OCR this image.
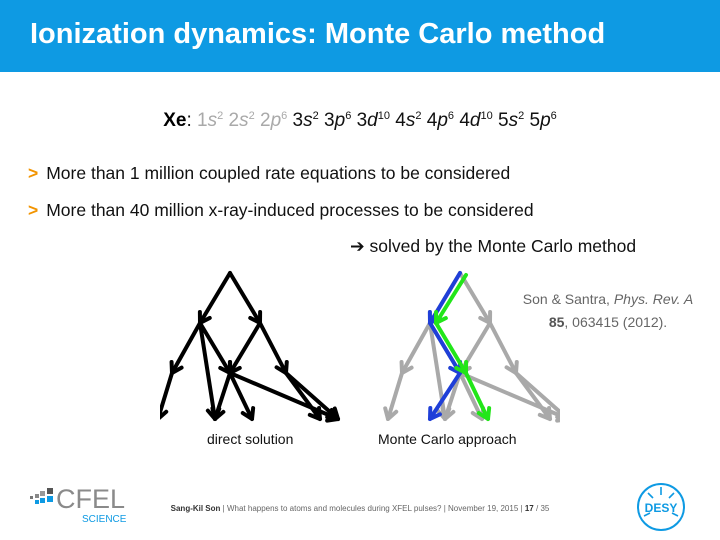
Ionization dynamics: Monte Carlo method
Xe: $1s^2$ $2s^2$ $2p^6$ $3s^2$ $3p^6$ $3d^{10}$ $4s^2$ $4p^6$ $4d^{10}$ $5s^2$ $5p^6$
> More than 1 million coupled rate equations to be considered
> More than 40 million x-ray-induced processes to be considered
➔ solved by the Monte Carlo method
Son & Santra, Phys. Rev. A
85, 063415 (2012).
direct solution	Monte Carlo approach
CFEL
SCIENCE
Sang-Kil Son | What happens to atoms and molecules during XFEL pulses? | November 19, 2015 | 17 / 35	DESY
